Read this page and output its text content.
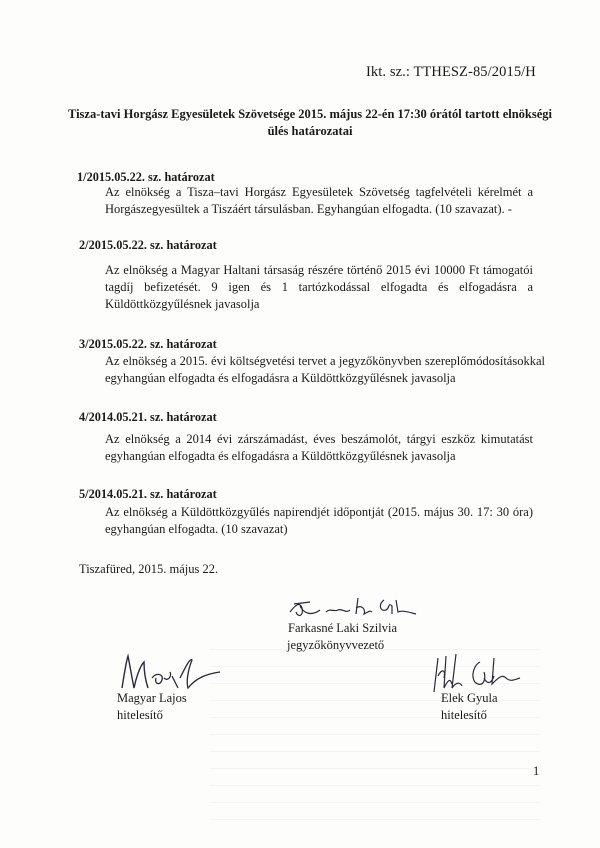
Ikt. sz.: TTHESZ-85/2015/H
Tisza-tavi Horgász Egyesületek Szövetsége 2015. május 22-én 17:30 órától tartott elnökségi ülés határozatai
1/2015.05.22. sz. határozat
Az elnökség a Tisza–tavi Horgász Egyesületek Szövetség tagfelvételi kérelmét a Horgászegyesültek a Tiszáért társulásban. Egyhangúan elfogadta. (10 szavazat). -
2/2015.05.22. sz. határozat
Az elnökség a Magyar Haltani társaság részére történő 2015 évi 10000 Ft támogatói tagdíj befizetését. 9 igen és 1 tartózkodással elfogadta és elfogadásra a Küldöttközgyűlésnek javasolja
3/2015.05.22. sz. határozat
Az elnökség a 2015. évi költségvetési tervet a jegyzőkönyvben szereplőmódosításokkal egyhangúan elfogadta és elfogadásra a Küldöttközgyűlésnek javasolja
4/2014.05.21. sz. határozat
Az elnökség a 2014 évi zárszámadást, éves beszámolót, tárgyi eszköz kimutatást egyhangúan elfogadta és elfogadásra a Küldöttközgyűlésnek javasolja
5/2014.05.21. sz. határozat
Az elnökség a Küldöttközgyűlés napirendjét időpontját (2015. május 30. 17: 30 óra) egyhangúan elfogadta. (10 szavazat)
Tiszafüred, 2015. május 22.
Farkasné Laki Szilvia
jegyzőkönyvvezető
Magyar Lajos
hitelesítő
Elek Gyula
hitelesítő
1
